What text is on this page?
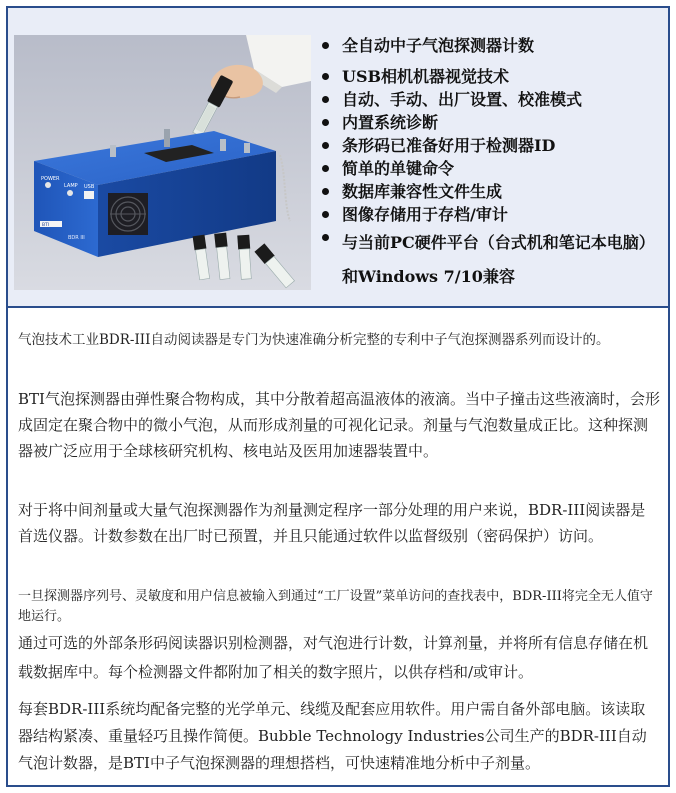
POWER
LAMP USB
BTI
BDR III
全自动中子气泡探测器计数
USB相机机器视觉技术
自动、手动、出厂设置、校准模式
内置系统诊断
条形码已准备好用于检测器ID
简单的单键命令
数据库兼容性文件生成
图像存储用于存档/审计
与当前PC硬件平台（台式机和笔记本电脑）和Windows 7/10兼容

气泡技术工业BDR-III自动阅读器是专门为快速准确分析完整的专利中子气泡探测器系列而设计的。

BTI气泡探测器由弹性聚合物构成，其中分散着超高温液体的液滴。当中子撞击这些液滴时，会形成固定在聚合物中的微小气泡，从而形成剂量的可视化记录。剂量与气泡数量成正比。这种探测器被广泛应用于全球核研究机构、核电站及医用加速器装置中。

对于将中间剂量或大量气泡探测器作为剂量测定程序一部分处理的用户来说，BDR-III阅读器是首选仪器。计数参数在出厂时已预置，并且只能通过软件以监督级别（密码保护）访问。

一旦探测器序列号、灵敏度和用户信息被输入到通过“工厂设置”菜单访问的查找表中，BDR-III将完全无人值守地运行。

通过可选的外部条形码阅读器识别检测器，对气泡进行计数，计算剂量，并将所有信息存储在机载数据库中。每个检测器文件都附加了相关的数字照片，以供存档和/或审计。

每套BDR-III系统均配备完整的光学单元、线缆及配套应用软件。用户需自备外部电脑。该读取器结构紧凑、重量轻巧且操作简便。Bubble Technology Industries公司生产的BDR-III自动气泡计数器，是BTI中子气泡探测器的理想搭档，可快速精准地分析中子剂量。
